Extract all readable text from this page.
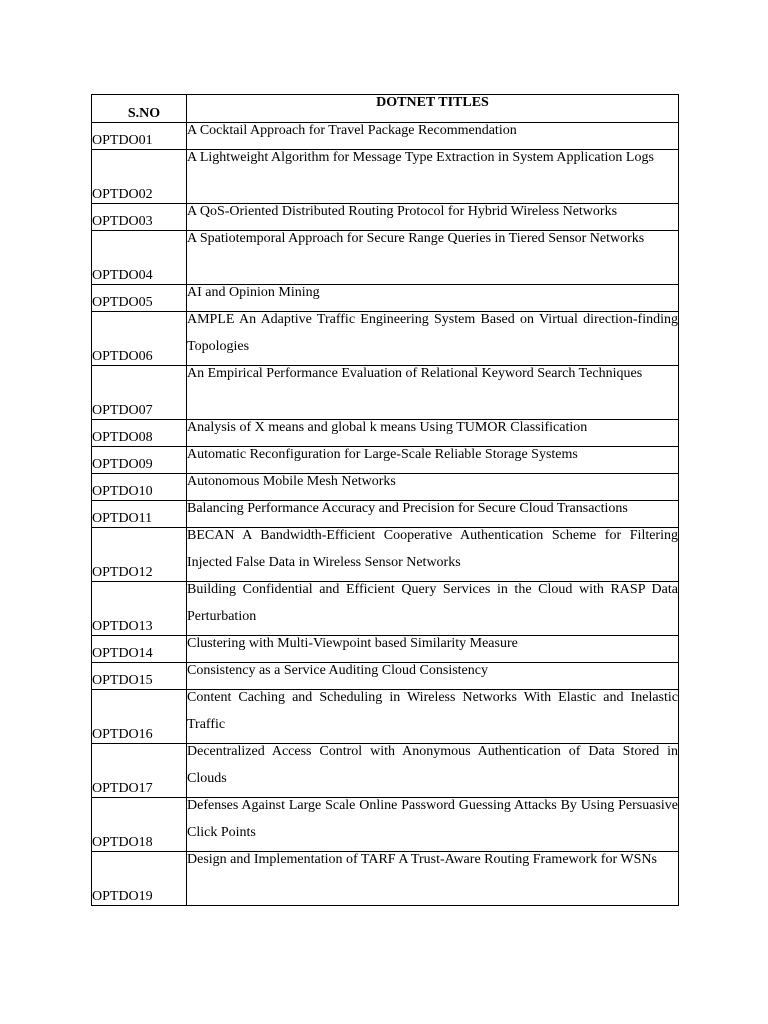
S.NO	DOTNET TITLES
OPTDO01	A Cocktail Approach for Travel Package Recommendation

OPTDO02	A Lightweight Algorithm for Message Type Extraction in System Application Logs

OPTDO03	A QoS-Oriented Distributed Routing Protocol for Hybrid Wireless Networks

OPTDO04	A Spatiotemporal Approach for Secure Range Queries in Tiered Sensor Networks

OPTDO05	AI and Opinion Mining

OPTDO06	AMPLE An Adaptive Traffic Engineering System Based on Virtual direction-finding Topologies

OPTDO07	An Empirical Performance Evaluation of Relational Keyword Search Techniques

OPTDO08	Analysis of X means and global k means Using TUMOR Classification

OPTDO09	Automatic Reconfiguration for Large-Scale Reliable Storage Systems

OPTDO10	Autonomous Mobile Mesh Networks

OPTDO11	Balancing Performance Accuracy and Precision for Secure Cloud Transactions

OPTDO12	BECAN A Bandwidth-Efficient Cooperative Authentication Scheme for Filtering Injected False Data in Wireless Sensor Networks

OPTDO13	Building Confidential and Efficient Query Services in the Cloud with RASP Data Perturbation

OPTDO14	Clustering with Multi-Viewpoint based Similarity Measure

OPTDO15	Consistency as a Service Auditing Cloud Consistency

OPTDO16	Content Caching and Scheduling in Wireless Networks With Elastic and Inelastic Traffic

OPTDO17	Decentralized Access Control with Anonymous Authentication of Data Stored in Clouds

OPTDO18	Defenses Against Large Scale Online Password Guessing Attacks By Using Persuasive Click Points

OPTDO19	Design and Implementation of TARF A Trust-Aware Routing Framework for WSNs
